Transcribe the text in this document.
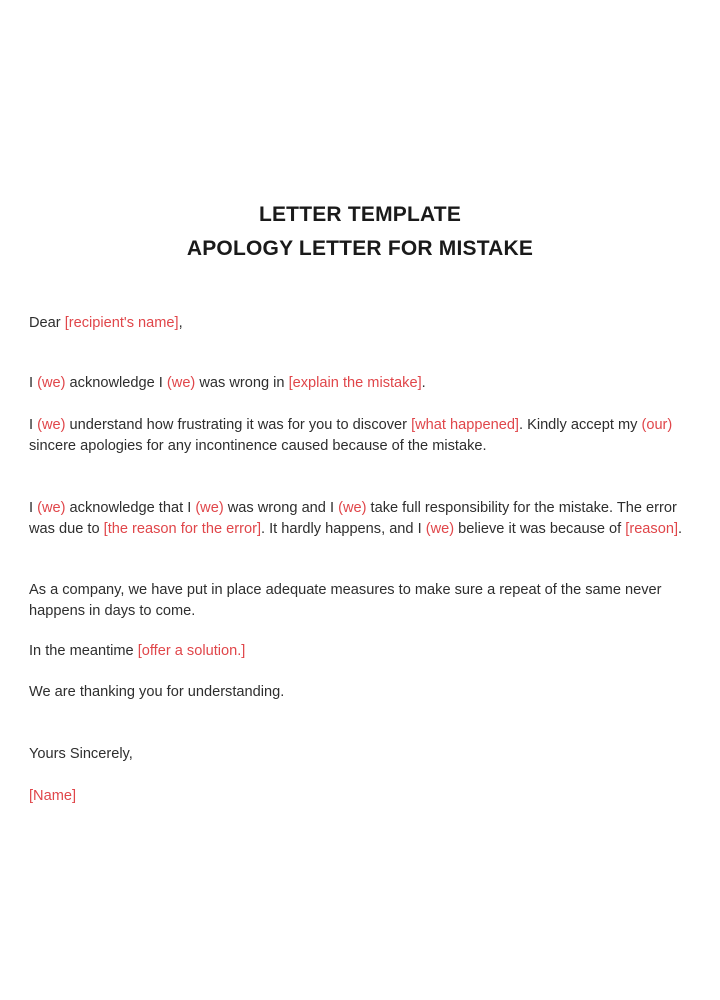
LETTER TEMPLATE
APOLOGY LETTER FOR MISTAKE
Dear [recipient's name],
I (we) acknowledge I (we) was wrong in [explain the mistake].
I (we) understand how frustrating it was for you to discover [what happened]. Kindly accept my (our) sincere apologies for any incontinence caused because of the mistake.
I (we) acknowledge that I (we) was wrong and I (we) take full responsibility for the mistake. The error was due to [the reason for the error]. It hardly happens, and I (we) believe it was because of [reason].
As a company, we have put in place adequate measures to make sure a repeat of the same never happens in days to come.
In the meantime [offer a solution.]
We are thanking you for understanding.
Yours Sincerely,
[Name]
